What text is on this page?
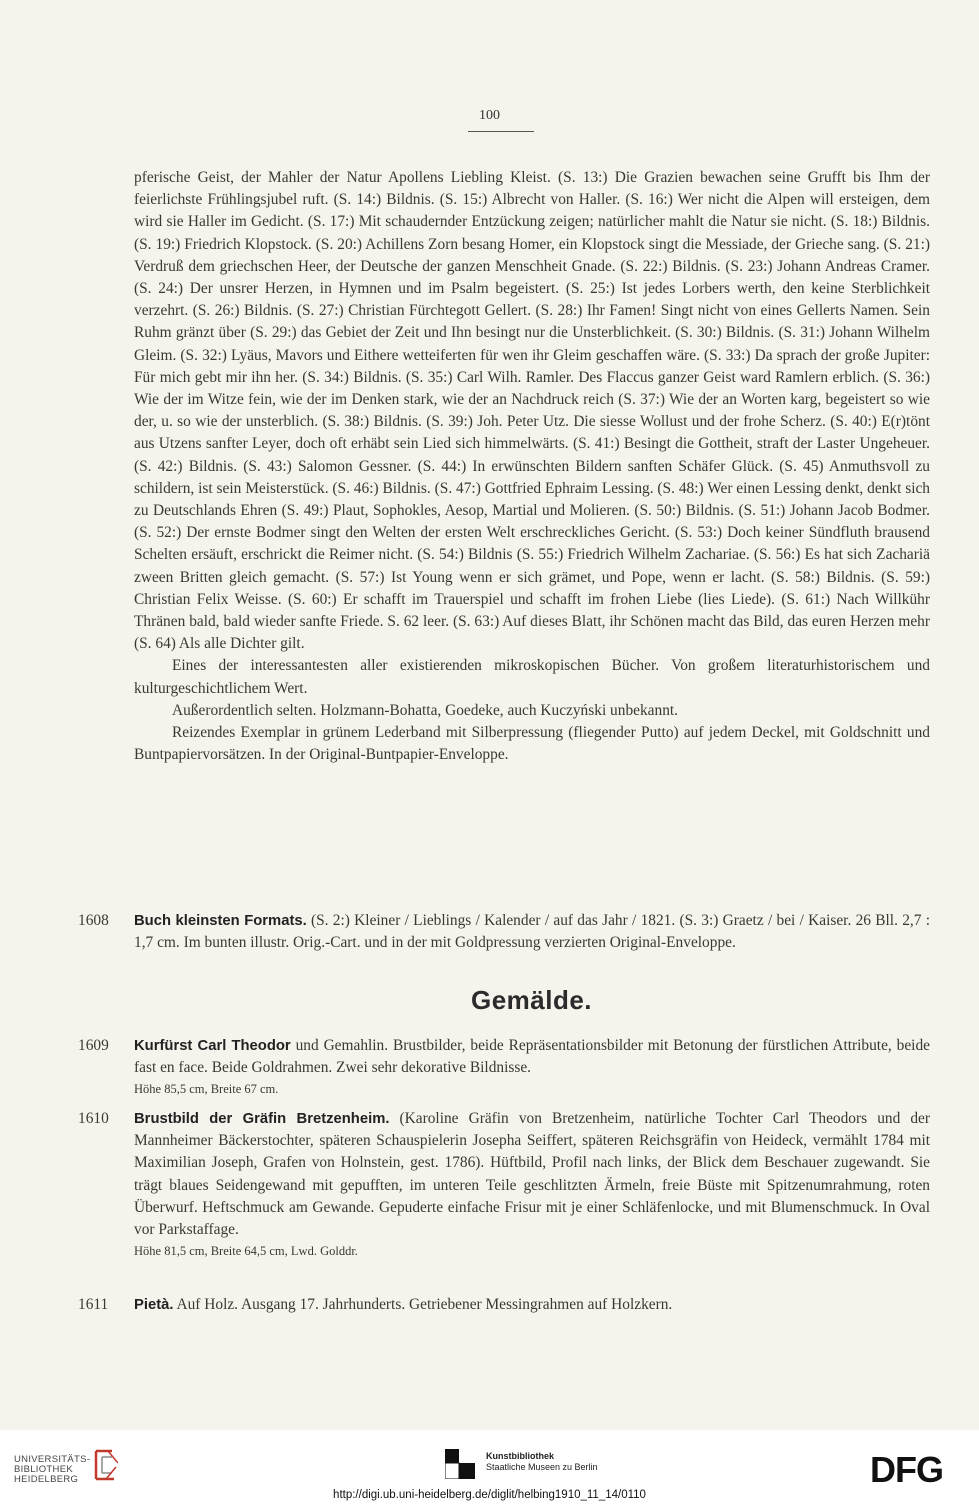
100

pferische Geist, der Mahler der Natur Apollens Liebling Kleist. (S. 13:) Die Grazien bewachen seine Grufft bis Ihm der feierlichste Frühlingsjubel ruft. (S. 14:) Bildnis. (S. 15:) Albrecht von Haller. (S. 16:) Wer nicht die Alpen will ersteigen, dem wird sie Haller im Gedicht. (S. 17:) Mit schaudernder Entzückung zeigen; natürlicher mahlt die Natur sie nicht. (S. 18:) Bildnis. (S. 19:) Friedrich Klopstock. (S. 20:) Achillens Zorn besang Homer, ein Klopstock singt die Messiade, der Grieche sang. (S. 21:) Verdruß dem griechschen Heer, der Deutsche der ganzen Menschheit Gnade. (S. 22:) Bildnis. (S. 23:) Johann Andreas Cramer. (S. 24:) Der unsrer Herzen, in Hymnen und im Psalm begeistert. (S. 25:) Ist jedes Lorbers werth, den keine Sterblichkeit verzehrt. (S. 26:) Bildnis. (S. 27:) Christian Fürchtegott Gellert. (S. 28:) Ihr Famen! Singt nicht von eines Gellerts Namen. Sein Ruhm gränzt über (S. 29:) das Gebiet der Zeit und Ihn besingt nur die Unsterblichkeit. (S. 30:) Bildnis. (S. 31:) Johann Wilhelm Gleim. (S. 32:) Lyäus, Mavors und Eithere wetteiferten für wen ihr Gleim geschaffen wäre. (S. 33:) Da sprach der große Jupiter: Für mich gebt mir ihn her. (S. 34:) Bildnis. (S. 35:) Carl Wilh. Ramler. Des Flaccus ganzer Geist ward Ramlern erblich. (S. 36:) Wie der im Witze fein, wie der im Denken stark, wie der an Nachdruck reich (S. 37:) Wie der an Worten karg, begeistert so wie der, u. so wie der unsterblich. (S. 38:) Bildnis. (S. 39:) Joh. Peter Utz. Die siesse Wollust und der frohe Scherz. (S. 40:) E(r)tönt aus Utzens sanfter Leyer, doch oft erhäbt sein Lied sich himmelwärts. (S. 41:) Besingt die Gottheit, straft der Laster Ungeheuer. (S. 42:) Bildnis. (S. 43:) Salomon Gessner. (S. 44:) In erwünschten Bildern sanften Schäfer Glück. (S. 45) Anmuthsvoll zu schildern, ist sein Meisterstück. (S. 46:) Bildnis. (S. 47:) Gottfried Ephraim Lessing. (S. 48:) Wer einen Lessing denkt, denkt sich zu Deutschlands Ehren (S. 49:) Plaut, Sophokles, Aesop, Martial und Molieren. (S. 50:) Bildnis. (S. 51:) Johann Jacob Bodmer. (S. 52:) Der ernste Bodmer singt den Welten der ersten Welt erschreckliches Gericht. (S. 53:) Doch keiner Sündfluth brausend Schelten ersäuft, erschrickt die Reimer nicht. (S. 54:) Bildnis (S. 55:) Friedrich Wilhelm Zachariae. (S. 56:) Es hat sich Zachariä zween Britten gleich gemacht. (S. 57:) Ist Young wenn er sich grämet, und Pope, wenn er lacht. (S. 58:) Bildnis. (S. 59:) Christian Felix Weisse. (S. 60:) Er schafft im Trauerspiel und schafft im frohen Liebe (lies Liede). (S. 61:) Nach Willkühr Thränen bald, bald wieder sanfte Friede. S. 62 leer. (S. 63:) Auf dieses Blatt, ihr Schönen macht das Bild, das euren Herzen mehr (S. 64) Als alle Dichter gilt.

Eines der interessantesten aller existierenden mikroskopischen Bücher. Von großem literaturhistorischem und kulturgeschichtlichem Wert.

Außerordentlich selten. Holzmann-Bohatta, Goedeke, auch Kuczyński unbekannt.

Reizendes Exemplar in grünem Lederband mit Silberpressung (fliegender Putto) auf jedem Deckel, mit Goldschnitt und Buntpapiervorsätzen. In der Original-Buntpapier-Enveloppe.

1608	Buch kleinsten Formats. (S. 2:) Kleiner / Lieblings / Kalender / auf das Jahr / 1821. (S. 3:) Graetz / bei / Kaiser. 26 Bll. 2,7 : 1,7 cm. Im bunten illustr. Orig.-Cart. und in der mit Goldpressung verzierten Original-Enveloppe.
Gemälde.
1609	Kurfürst Carl Theodor und Gemahlin. Brustbilder, beide Repräsentationsbilder mit Betonung der fürstlichen Attribute, beide fast en face. Beide Goldrahmen. Zwei sehr dekorative Bildnisse.
Höhe 85,5 cm, Breite 67 cm.
1610	Brustbild der Gräfin Bretzenheim. (Karoline Gräfin von Bretzenheim, natürliche Tochter Carl Theodors und der Mannheimer Bäckerstochter, späteren Schauspielerin Josepha Seiffert, späteren Reichsgräfin von Heideck, vermählt 1784 mit Maximilian Joseph, Grafen von Holnstein, gest. 1786). Hüftbild, Profil nach links, der Blick dem Beschauer zugewandt. Sie trägt blaues Seidengewand mit gepufften, im unteren Teile geschlitzten Ärmeln, freie Büste mit Spitzenumrahmung, roten Überwurf. Heftschmuck am Gewande. Gepuderte einfache Frisur mit je einer Schläfenlocke, und mit Blumenschmuck. In Oval vor Parkstaffage.
Höhe 81,5 cm, Breite 64,5 cm, Lwd. Golddr.
1611	Pietà. Auf Holz. Ausgang 17. Jahrhunderts. Getriebener Messingrahmen auf Holzkern.
UNIVERSITÄTS-
BIBLIOTHEK
HEIDELBERG
Kunstbibliothek
Staatliche Museen zu Berlin	DFG
http://digi.ub.uni-heidelberg.de/diglit/helbing1910_11_14/0110
